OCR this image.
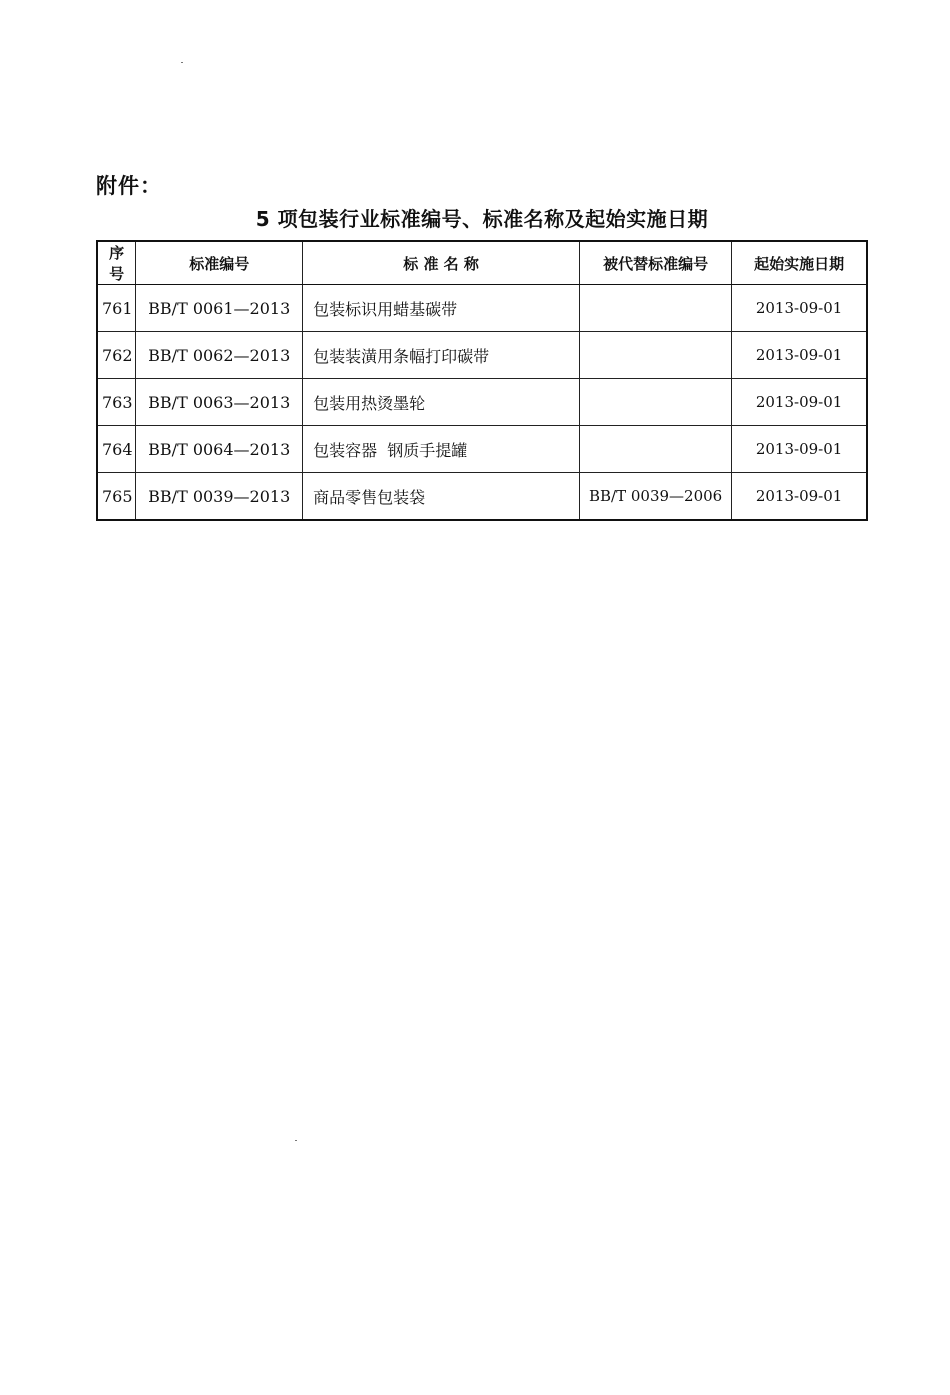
附件：
5 项包装行业标准编号、标准名称及起始实施日期
序号	标准编号	标 准 名 称	被代替标准编号	起始实施日期
761	BB/T 0061—2013	包装标识用蜡基碳带		2013-09-01
762	BB/T 0062—2013	包装装潢用条幅打印碳带		2013-09-01
763	BB/T 0063—2013	包装用热烫墨轮		2013-09-01
764	BB/T 0064—2013	包装容器  钢质手提罐		2013-09-01
765	BB/T 0039—2013	商品零售包装袋	BB/T 0039—2006	2013-09-01
